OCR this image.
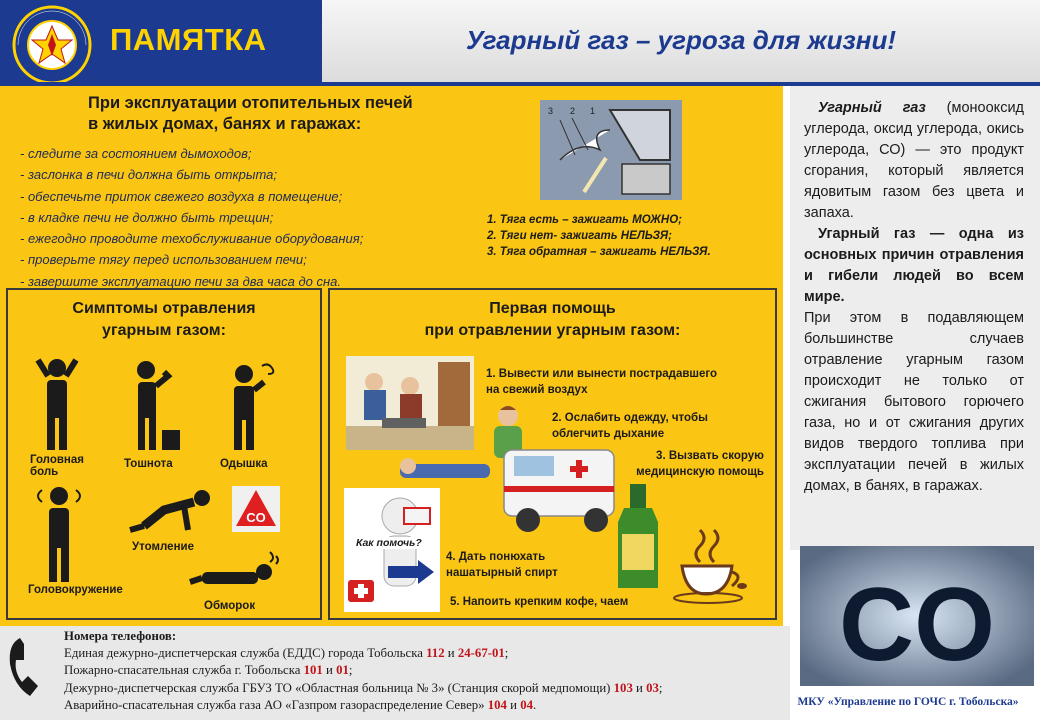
ПАМЯТКА	Угарный газ – угроза для жизни!
При эксплуатации отопительных печей
в жилых домах, банях и гаражах:
- следите за состоянием дымоходов;
- заслонка в печи должна быть открыта;
- обеспечьте приток свежего воздуха в помещение;
- в кладке печи не должно быть трещин;
- ежегодно проводите техобслуживание оборудования;
- проверьте тягу перед использованием печи;
- завершите эксплуатацию печи за два часа до сна.
3 2 1
1. Тяга есть – зажигать МОЖНО;
2. Тяги нет- зажигать НЕЛЬЗЯ;
3. Тяга обратная – зажигать НЕЛЬЗЯ.
Симптомы отравления
угарным газом:
Головная боль
Тошнота	Одышка
Головокружение
Утомление
CO
Обморок
Первая помощь
при отравлении угарным газом:
1. Вывести или вынести пострадавшего на свежий воздух
2. Ослабить одежду, чтобы облегчить дыхание
3. Вызвать скорую медицинскую помощь
Как помочь?
4. Дать понюхать нашатырный спирт
5. Напоить крепким кофе, чаем
Угарный газ (монооксид углерода, оксид углерода, окись углерода, СО) — это продукт сгорания, который является ядовитым газом без цвета и запаха.
Угарный газ — одна из основных причин отравления и гибели людей во всем мире.
При этом в подавляющем большинстве случаев отравление угарным газом происходит не только от сжигания бытового горючего газа, но и от сжигания других видов твердого топлива при эксплуатации печей в жилых домах, в банях, в гаражах.
CO
Номера телефонов:
Единая дежурно-диспетчерская служба (ЕДДС) города Тобольска 112 и 24-67-01;
Пожарно-спасательная служба г. Тобольска 101 и 01;
Дежурно-диспетчерская служба ГБУЗ ТО «Областная больница № 3» (Станция скорой медпомощи) 103 и 03;
Аварийно-спасательная служба газа АО «Газпром газораспределение Север» 104 и 04.	МКУ «Управление по ГОЧС г. Тобольска»
